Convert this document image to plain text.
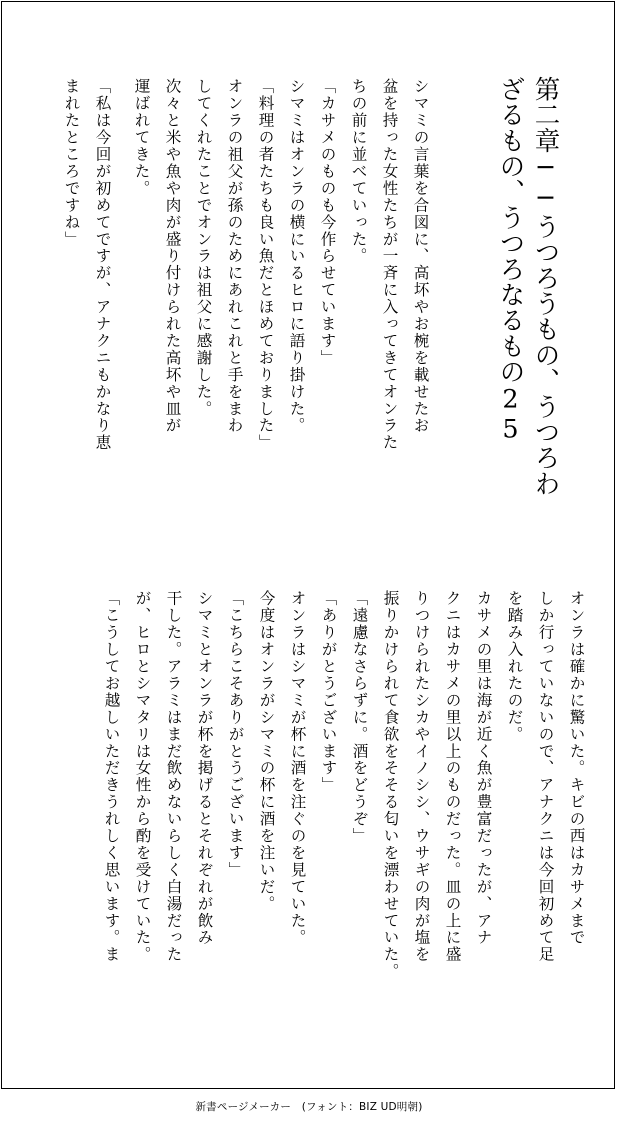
第二章──うつろうもの、うつろわ

ざるもの、うつろなるもの25

シマミの言葉を合図に、高坏やお椀を載せたお

盆を持った女性たちが一斉に入ってきてオンラた

ちの前に並べていった。

「カサメのものも今作らせています」

シマミはオンラの横にいるヒロに語り掛けた。

「料理の者たちも良い魚だとほめておりました」

オンラの祖父が孫のためにあれこれと手をまわ

してくれたことでオンラは祖父に感謝した。

次々と米や魚や肉が盛り付けられた高坏や皿が

運ばれてきた。

「私は今回が初めてですが、アナクニもかなり恵

まれたところですね」

オンラは確かに驚いた。キビの西はカサメまで

しか行っていないので、アナクニは今回初めて足

を踏み入れたのだ。

カサメの里は海が近く魚が豊富だったが、アナ

クニはカサメの里以上のものだった。皿の上に盛

りつけられたシカやイノシシ、ウサギの肉が塩を

振りかけられて食欲をそそる匂いを漂わせていた。

「遠慮なさらずに。酒をどうぞ」

「ありがとうございます」

オンラはシマミが杯に酒を注ぐのを見ていた。

今度はオンラがシマミの杯に酒を注いだ。

「こちらこそありがとうございます」

シマミとオンラが杯を掲げるとそれぞれが飲み

干した。アラミはまだ飲めないらしく白湯だった

が、ヒロとシマタリは女性から酌を受けていた。

「こうしてお越しいただきうれしく思います。ま

新書ページメーカー　(フォント：BIZ UD明朝)
